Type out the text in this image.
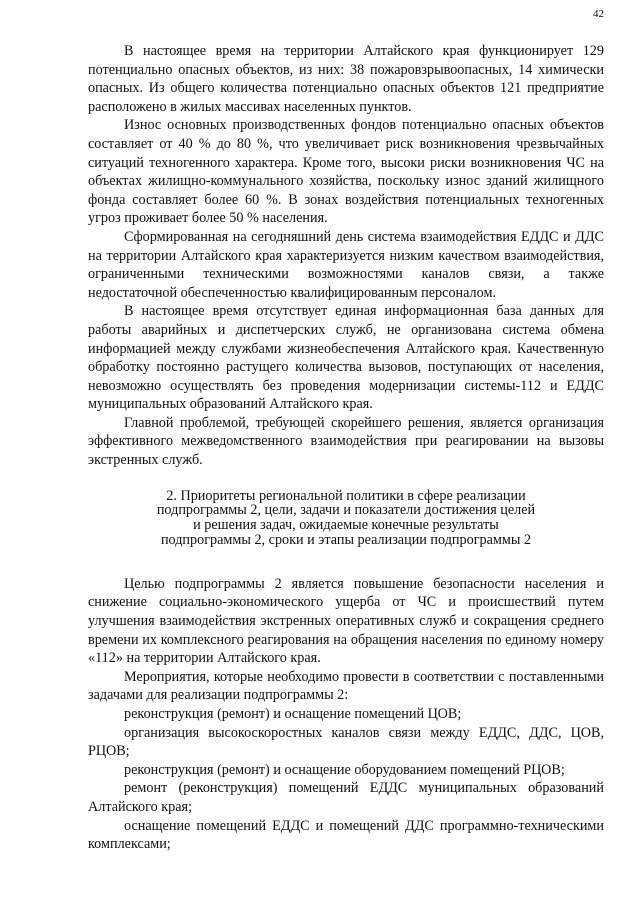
42

В настоящее время на территории Алтайского края функционирует 129 потенциально опасных объектов, из них: 38 пожаровзрывоопасных, 14 химически опасных. Из общего количества потенциально опасных объектов 121 предприятие расположено в жилых массивах населенных пунктов.

Износ основных производственных фондов потенциально опасных объектов составляет от 40 % до 80 %, что увеличивает риск возникновения чрезвычайных ситуаций техногенного характера. Кроме того, высоки риски возникновения ЧС на объектах жилищно-коммунального хозяйства, поскольку износ зданий жилищного фонда составляет более 60 %. В зонах воздействия потенциальных техногенных угроз проживает более 50 % населения.

Сформированная на сегодняшний день система взаимодействия ЕДДС и ДДС на территории Алтайского края характеризуется низким качеством взаимодействия, ограниченными техническими возможностями каналов связи, а также недостаточной обеспеченностью квалифицированным персоналом.

В настоящее время отсутствует единая информационная база данных для работы аварийных и диспетчерских служб, не организована система обмена информацией между службами жизнеобеспечения Алтайского края. Качественную обработку постоянно растущего количества вызовов, поступающих от населения, невозможно осуществлять без проведения модернизации системы-112 и ЕДДС муниципальных образований Алтайского края.

Главной проблемой, требующей скорейшего решения, является организация эффективного межведомственного взаимодействия при реагировании на вызовы экстренных служб.

2. Приоритеты региональной политики в сфере реализации
подпрограммы 2, цели, задачи и показатели достижения целей
и решения задач, ожидаемые конечные результаты
подпрограммы 2, сроки и этапы реализации подпрограммы 2

Целью подпрограммы 2 является повышение безопасности населения и снижение социально-экономического ущерба от ЧС и происшествий путем улучшения взаимодействия экстренных оперативных служб и сокращения среднего времени их комплексного реагирования на обращения населения по единому номеру «112» на территории Алтайского края.

Мероприятия, которые необходимо провести в соответствии с поставленными задачами для реализации подпрограммы 2:

реконструкция (ремонт) и оснащение помещений ЦОВ;

организация высокоскоростных каналов связи между ЕДДС, ДДС, ЦОВ, РЦОВ;

реконструкция (ремонт) и оснащение оборудованием помещений РЦОВ;

ремонт (реконструкция) помещений ЕДДС муниципальных образований Алтайского края;

оснащение помещений ЕДДС и помещений ДДС программно-техническими комплексами;
